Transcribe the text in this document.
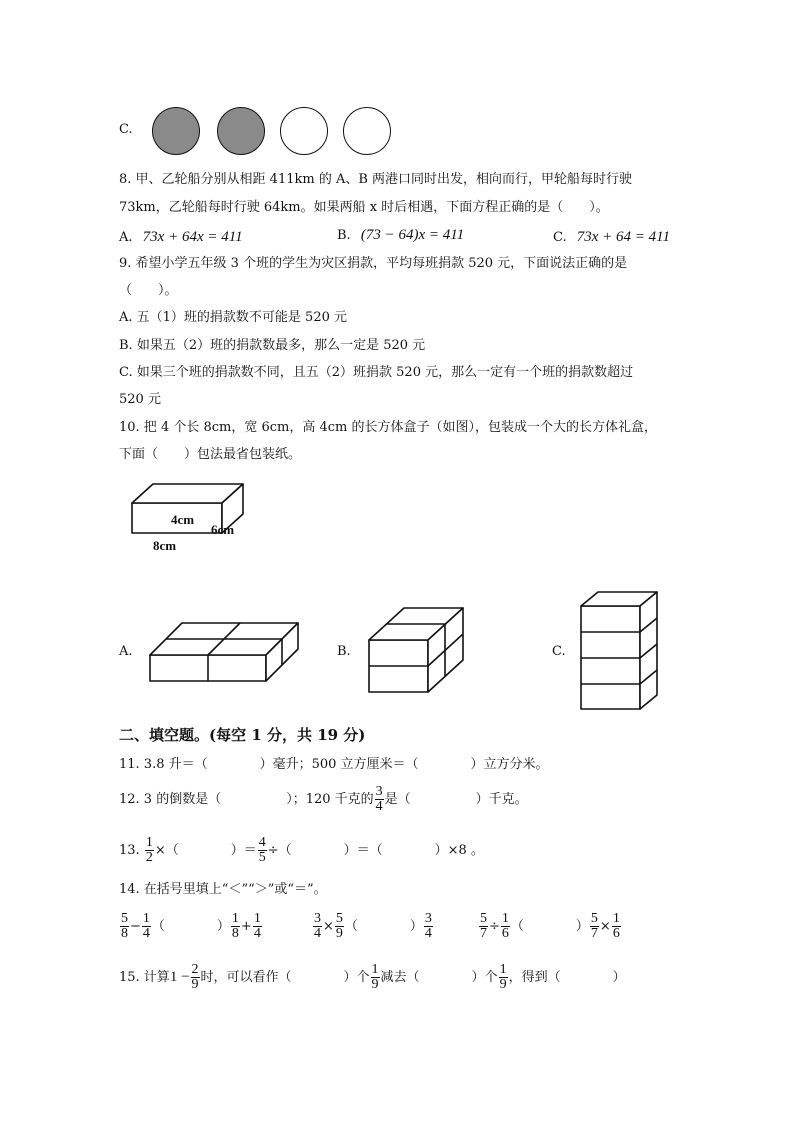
C.
8. 甲、乙轮船分别从相距 411km 的 A、B 两港口同时出发，相向而行，甲轮船每时行驶
73km，乙轮船每时行驶 64km。如果两船 x 时后相遇，下面方程正确的是（　　）。
A. 73x + 64x = 411	B. (73 − 64)x = 411	C. 73x + 64 = 411
9. 希望小学五年级 3 个班的学生为灾区捐款，平均每班捐款 520 元，下面说法正确的是
（　　）。
A. 五（1）班的捐款数不可能是 520 元
B. 如果五（2）班的捐款数最多，那么一定是 520 元
C. 如果三个班的捐款数不同，且五（2）班捐款 520 元，那么一定有一个班的捐款数超过
520 元
10. 把 4 个长 8cm，宽 6cm，高 4cm 的长方体盒子（如图），包装成一个大的长方体礼盒，
下面（　　）包法最省包装纸。
4cm
6cm
8cm
A.	B.	C.
二、填空题。(每空 1 分，共 19 分)
11. 3.8 升＝（　　　　）毫升；500 立方厘米＝（　　　　）立方分米。
12. 3 的倒数是（　　　　　）；120 千克的 $\frac{3}{4}$ 是（　　　　　）千克。
13. $\frac{1}{2}$ ×（　　　　）＝ $\frac{4}{5}$ ÷（　　　　）＝（　　　　）×8 。
14. 在括号里填上“＜”“＞”或“＝”。
$\frac{5}{8} - \frac{1}{4}$ （　　　　） $\frac{1}{8} + \frac{1}{4}$	$\frac{3}{4} \times \frac{5}{9}$ （　　　　） $\frac{3}{4}$	$\frac{5}{7} \div \frac{1}{6}$ （　　　　） $\frac{5}{7} \times \frac{1}{6}$
15. 计算$1 - \frac{2}{9}$ 时，可以看作（　　　　）个 $\frac{1}{9}$ 减去（　　　　）个 $\frac{1}{9}$ ，得到（　　　　）
